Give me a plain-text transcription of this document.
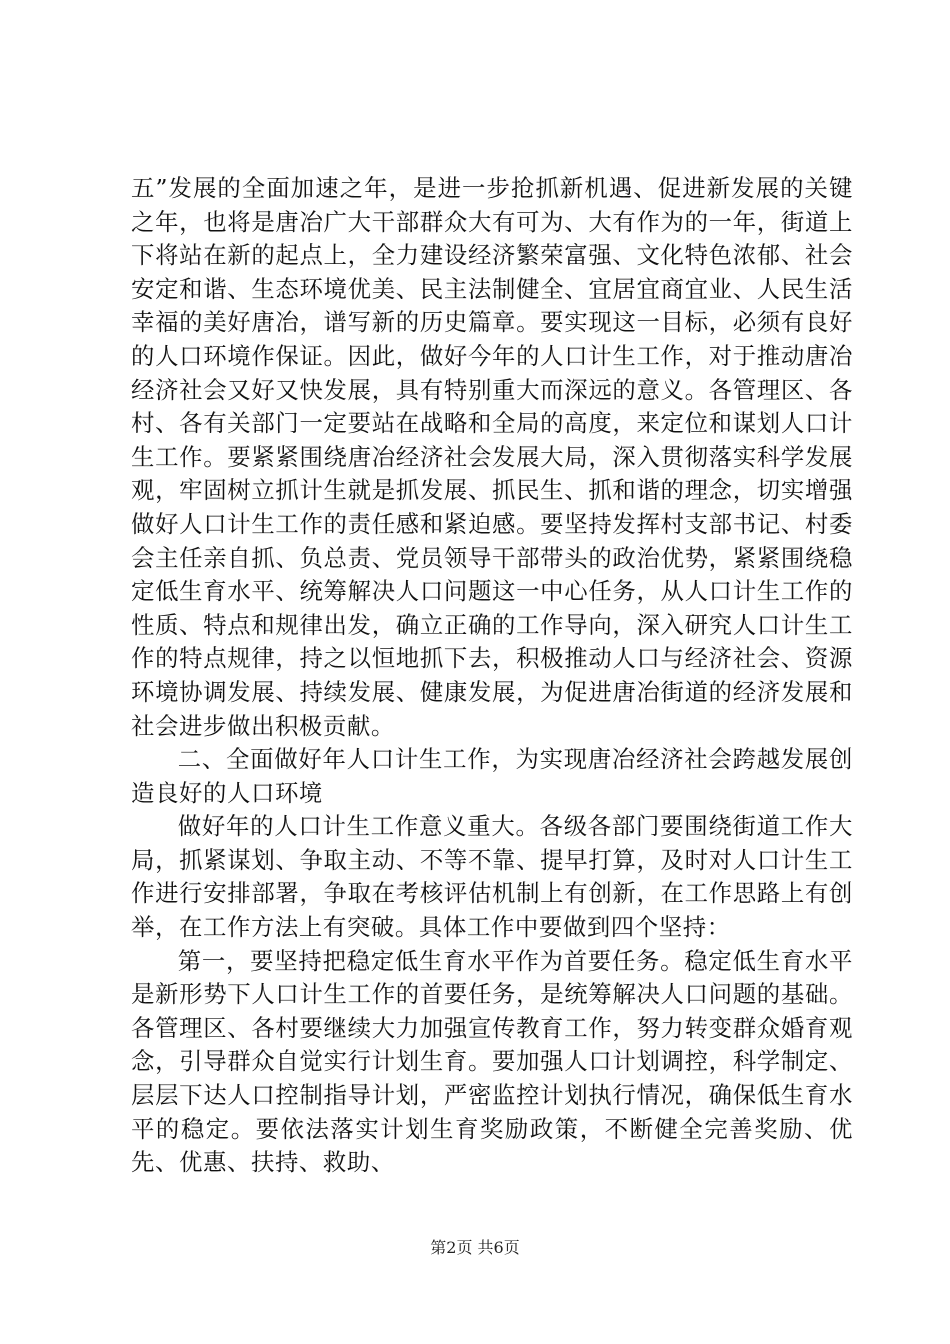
五”发展的全面加速之年，是进一步抢抓新机遇、促进新发展的关键之年，也将是唐冶广大干部群众大有可为、大有作为的一年，街道上下将站在新的起点上，全力建设经济繁荣富强、文化特色浓郁、社会安定和谐、生态环境优美、民主法制健全、宜居宜商宜业、人民生活幸福的美好唐冶，谱写新的历史篇章。要实现这一目标，必须有良好的人口环境作保证。因此，做好今年的人口计生工作，对于推动唐冶经济社会又好又快发展，具有特别重大而深远的意义。各管理区、各村、各有关部门一定要站在战略和全局的高度，来定位和谋划人口计生工作。要紧紧围绕唐冶经济社会发展大局，深入贯彻落实科学发展观，牢固树立抓计生就是抓发展、抓民生、抓和谐的理念，切实增强做好人口计生工作的责任感和紧迫感。要坚持发挥村支部书记、村委会主任亲自抓、负总责、党员领导干部带头的政治优势，紧紧围绕稳定低生育水平、统筹解决人口问题这一中心任务，从人口计生工作的性质、特点和规律出发，确立正确的工作导向，深入研究人口计生工作的特点规律，持之以恒地抓下去，积极推动人口与经济社会、资源环境协调发展、持续发展、健康发展，为促进唐冶街道的经济发展和社会进步做出积极贡献。

二、全面做好年人口计生工作，为实现唐冶经济社会跨越发展创造良好的人口环境

做好年的人口计生工作意义重大。各级各部门要围绕街道工作大局，抓紧谋划、争取主动、不等不靠、提早打算，及时对人口计生工作进行安排部署，争取在考核评估机制上有创新，在工作思路上有创举，在工作方法上有突破。具体工作中要做到四个坚持：

第一，要坚持把稳定低生育水平作为首要任务。稳定低生育水平是新形势下人口计生工作的首要任务，是统筹解决人口问题的基础。各管理区、各村要继续大力加强宣传教育工作，努力转变群众婚育观念，引导群众自觉实行计划生育。要加强人口计划调控，科学制定、层层下达人口控制指导计划，严密监控计划执行情况，确保低生育水平的稳定。要依法落实计划生育奖励政策，不断健全完善奖励、优先、优惠、扶持、救助、

第2页 共6页
